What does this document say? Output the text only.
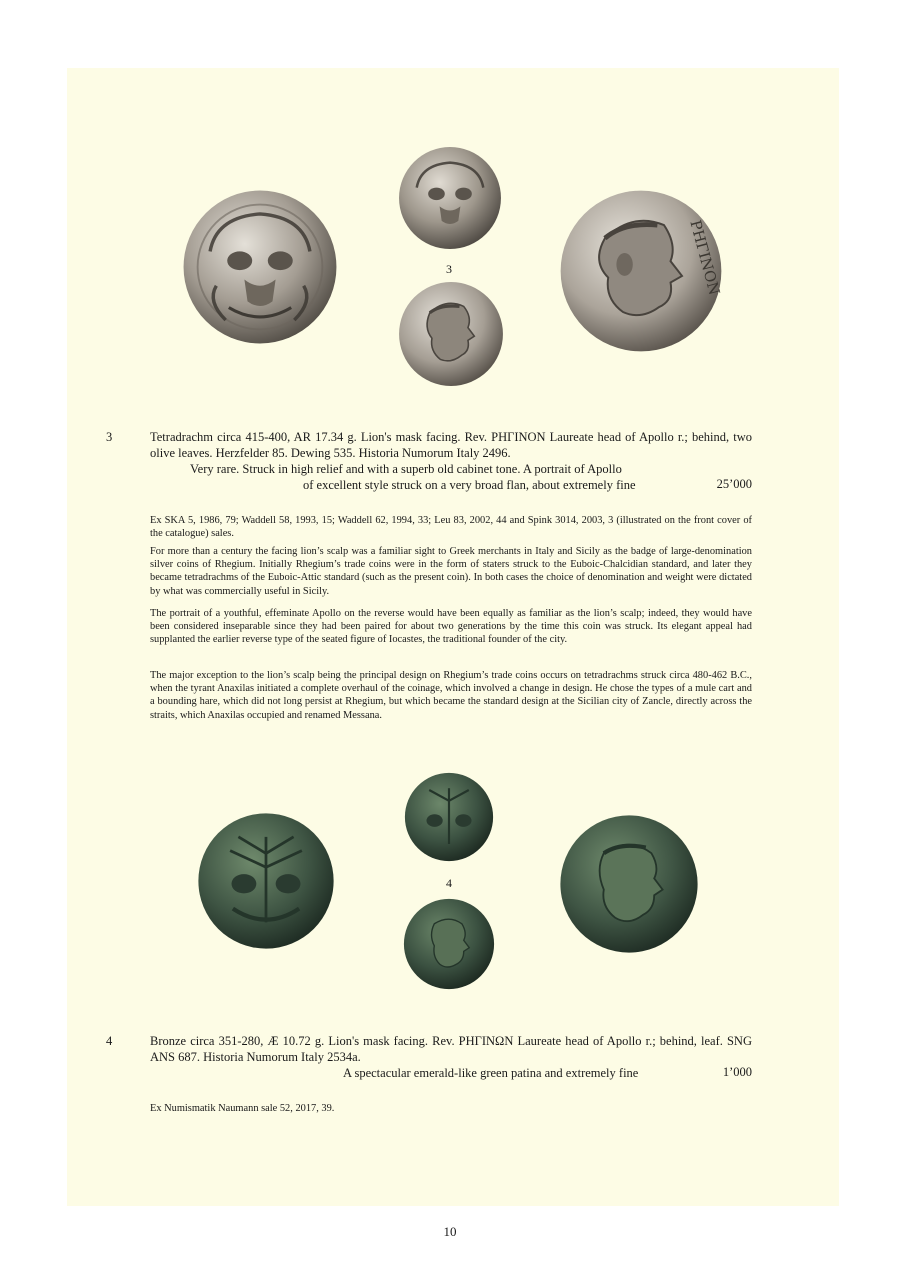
3	ΡΗΓΙΝΟΝ
3	Tetradrachm circa 415-400, AR 17.34 g. Lion's mask facing. Rev. ΡΗΓΙΝΟΝ Laureate head of Apollo r.; behind, two olive leaves. Herzfelder 85. Dewing 535. Historia Numorum Italy 2496.
Very rare. Struck in high relief and with a superb old cabinet tone. A portrait of Apollo
of excellent style struck on a very broad flan, about extremely fine	25’000

Ex SKA 5, 1986, 79; Waddell 58, 1993, 15; Waddell 62, 1994, 33; Leu 83, 2002, 44 and Spink 3014, 2003, 3 (illustrated on the front cover of the catalogue) sales.

For more than a century the facing lion’s scalp was a familiar sight to Greek merchants in Italy and Sicily as the badge of large-denomination silver coins of Rhegium. Initially Rhegium’s trade coins were in the form of staters struck to the Euboic-Chalcidian standard, and later they became tetradrachms of the Euboic-Attic standard (such as the present coin). In both cases the choice of denomination and weight were dictated by what was commercially useful in Sicily.

The portrait of a youthful, effeminate Apollo on the reverse would have been equally as familiar as the lion’s scalp; indeed, they would have been considered inseparable since they had been paired for about two generations by the time this coin was struck. Its elegant appeal had supplanted the earlier reverse type of the seated figure of Iocastes, the traditional founder of the city.

The major exception to the lion’s scalp being the principal design on Rhegium’s trade coins occurs on tetradrachms struck circa 480-462 B.C., when the tyrant Anaxilas initiated a complete overhaul of the coinage, which involved a change in design. He chose the types of a mule cart and a bounding hare, which did not long persist at Rhegium, but which became the standard design at the Sicilian city of Zancle, directly across the straits, which Anaxilas occupied and renamed Messana.

4
4	Bronze circa 351-280, Æ 10.72 g. Lion's mask facing. Rev. ΡΗΓΙΝΩΝ Laureate head of Apollo r.; behind, leaf. SNG ANS 687. Historia Numorum Italy 2534a.
A spectacular emerald-like green patina and extremely fine	1’000

Ex Numismatik Naumann sale 52, 2017, 39.

10
